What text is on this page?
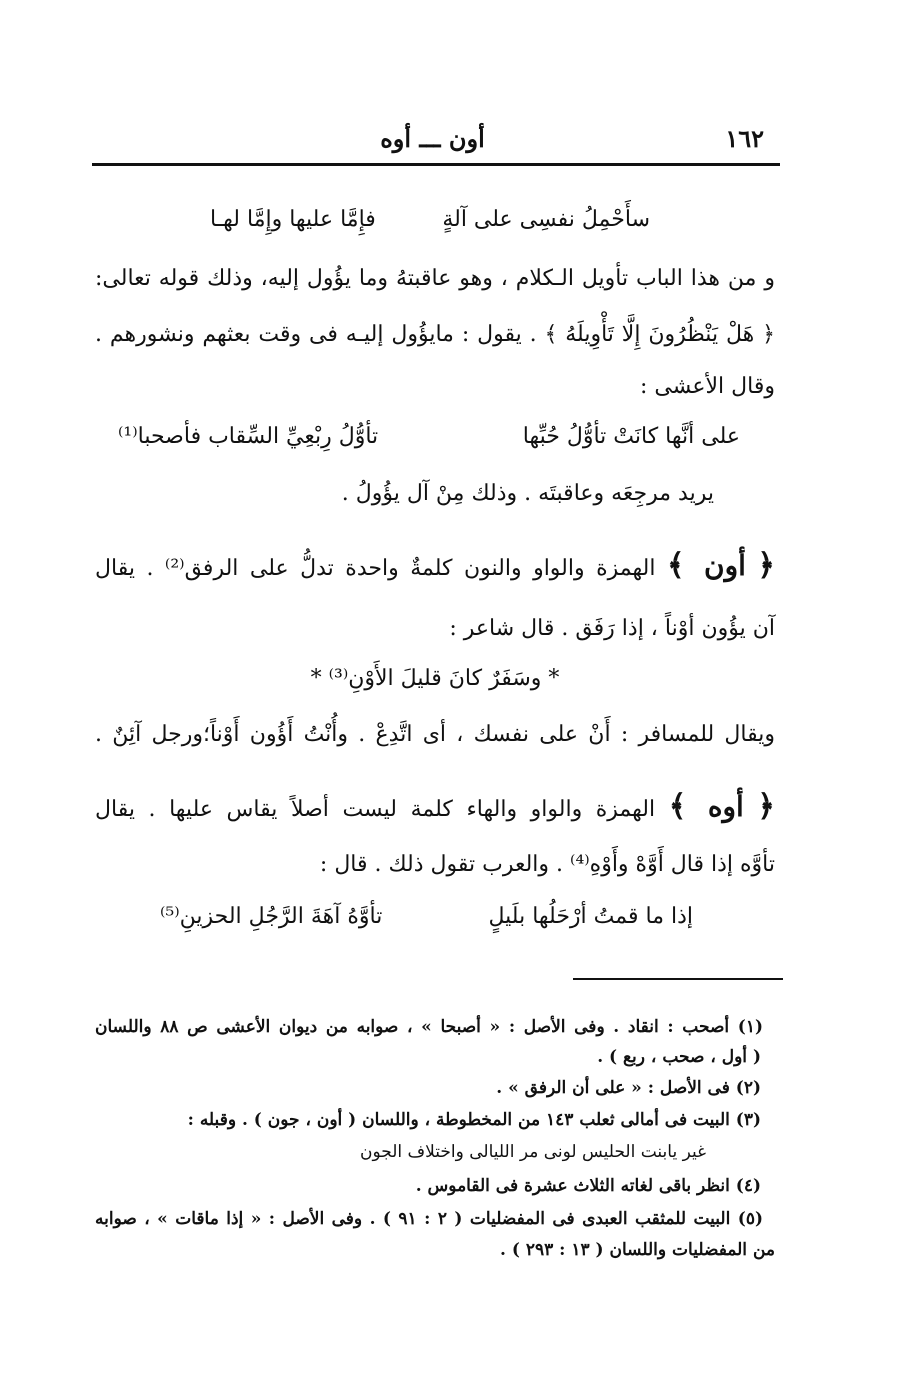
١٦٢
أون ـــ أوه
سأَحْمِلُ نفسِى على آلةٍ
فإِمَّا عليها وإِمَّا لهـا
و من هذا الباب تأويل الـكلام ، وهو عاقبتهُ وما يؤُول إليه، وذلك قوله تعالى:
﴿ هَلْ يَنْظُرُونَ إِلَّا تَأْوِيلَهُ ﴾ . يقول : مايؤُول إليـه فى وقت بعثهم ونشورهم .
وقال الأعشى :
على أنَّها كانَتْ تأوُّلُ حُبِّها
تأوُّلُ رِبْعِيِّ السِّقاب فأصحبا⁽¹⁾
يريد مرجِعَه وعاقبتَه . وذلك مِنْ آل يؤُولُ .
﴿ أون ﴾ الهمزة والواو والنون كلمةٌ واحدة تدلُّ على الرفق⁽²⁾ . يقال
آن يؤُون أوْناً ، إذا رَفَق . قال شاعر :
* وسَفَرٌ كانَ قليلَ الأَوْنِ⁽³⁾ *
ويقال للمسافر : أَنْ على نفسك ، أى اتَّدِعْ . وأُنْتُ أَؤُون أَوْناً؛ورجل آئِنٌ .
﴿ أوه ﴾ الهمزة والواو والهاء كلمة ليست أصلاً يقاس عليها . يقال
تأوَّه إذا قال أَوَّهْ وأَوْهِ⁽⁴⁾ . والعرب تقول ذلك . قال :
إذا ما قمتُ أرْحَلُها بلَيلٍ
تأوَّهُ آهَةَ الرَّجُلِ الحزينِ⁽⁵⁾
(١) أصحب : انقاد . وفى الأصل : « أصبحا » ، صوابه من ديوان الأعشى ص ٨٨ واللسان
( أول ، صحب ، ربع ) .
(٢) فى الأصل : « على أن الرفق » .
(٣) البيت فى أمالى ثعلب ١٤٣ من المخطوطة ، واللسان ( أون ، جون ) . وقبله :
غير يابنت الحليس لونى مر الليالى واختلاف الجون
(٤) انظر باقى لغاته الثلاث عشرة فى القاموس .
(٥) البيت للمثقب العبدى فى المفضليات ( ٢ : ٩١ ) . وفى الأصل : « إذا ماقات » ، صوابه
من المفضليات واللسان ( ١٣ : ٢٩٣ ) .
